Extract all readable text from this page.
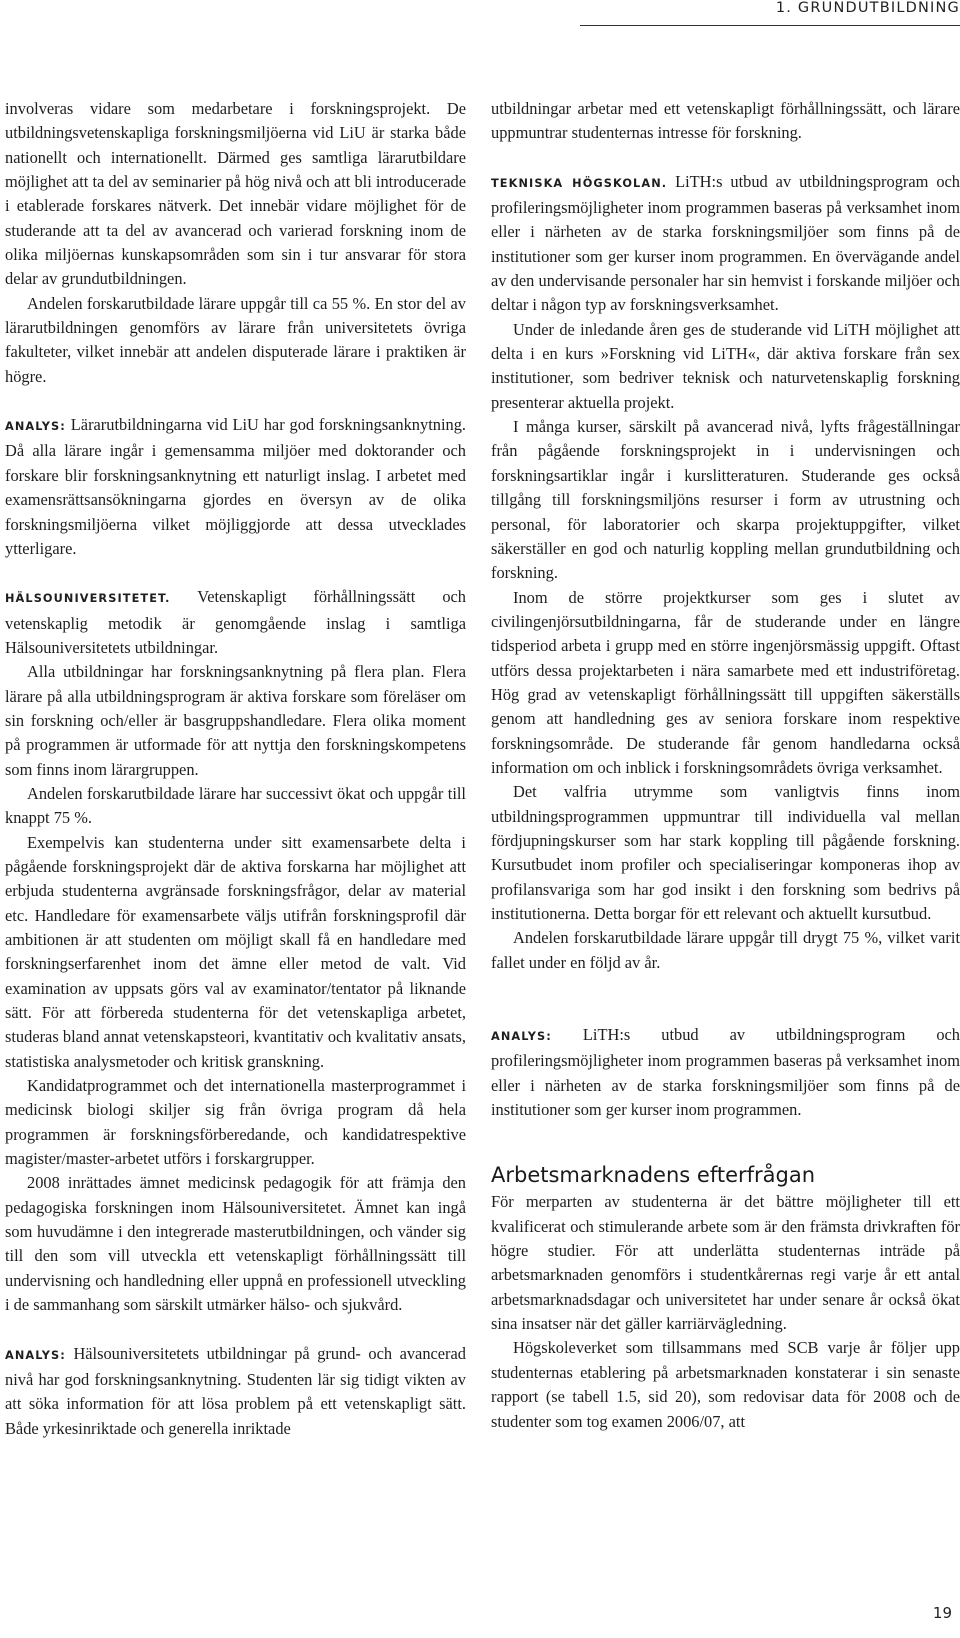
1. GRUNDUTBILDNING

involveras vidare som medarbetare i forskningsprojekt. De utbildningsvetenskapliga forskningsmiljöerna vid LiU är starka både nationellt och internationellt. Därmed ges samtliga lärarutbildare möjlighet att ta del av seminarier på hög nivå och att bli introducerade i etablerade forskares nätverk. Det innebär vidare möjlighet för de studerande att ta del av avancerad och varierad forskning inom de olika miljöernas kunskapsområden som sin i tur ansvarar för stora delar av grundutbildningen.

Andelen forskarutbildade lärare uppgår till ca 55 %. En stor del av lärarutbildningen genomförs av lärare från universitetets övriga fakulteter, vilket innebär att andelen disputerade lärare i praktiken är högre.

ANALYS: Lärarutbildningarna vid LiU har god forskningsanknytning. Då alla lärare ingår i gemensamma miljöer med doktorander och forskare blir forskningsanknytning ett naturligt inslag. I arbetet med examensrättsansökningarna gjordes en översyn av de olika forskningsmiljöerna vilket möjliggjorde att dessa utvecklades ytterligare.

HÄLSOUNIVERSITETET. Vetenskapligt förhållningssätt och vetenskaplig metodik är genomgående inslag i samtliga Hälsouniversitetets utbildningar.

Alla utbildningar har forskningsanknytning på flera plan. Flera lärare på alla utbildningsprogram är aktiva forskare som föreläser om sin forskning och/eller är basgruppshandledare. Flera olika moment på programmen är utformade för att nyttja den forskningskompetens som finns inom lärargruppen.

Andelen forskarutbildade lärare har successivt ökat och uppgår till knappt 75 %.

Exempelvis kan studenterna under sitt examensarbete delta i pågående forskningsprojekt där de aktiva forskarna har möjlighet att erbjuda studenterna avgränsade forskningsfrågor, delar av material etc. Handledare för examensarbete väljs utifrån forskningsprofil där ambitionen är att studenten om möjligt skall få en handledare med forskningserfarenhet inom det ämne eller metod de valt. Vid examination av uppsats görs val av examinator/tentator på liknande sätt. För att förbereda studenterna för det vetenskapliga arbetet, studeras bland annat vetenskapsteori, kvantitativ och kvalitativ ansats, statistiska analysmetoder och kritisk granskning.

Kandidatprogrammet och det internationella masterprogrammet i medicinsk biologi skiljer sig från övriga program då hela programmen är forskningsförberedande, och kandidatrespektive magister/master-arbetet utförs i forskargrupper.

2008 inrättades ämnet medicinsk pedagogik för att främja den pedagogiska forskningen inom Hälsouniversitetet. Ämnet kan ingå som huvudämne i den integrerade masterutbildningen, och vänder sig till den som vill utveckla ett vetenskapligt förhållningssätt till undervisning och handledning eller uppnå en professionell utveckling i de sammanhang som särskilt utmärker hälso- och sjukvård.

ANALYS: Hälsouniversitetets utbildningar på grund- och avancerad nivå har god forskningsanknytning. Studenten lär sig tidigt vikten av att söka information för att lösa problem på ett vetenskapligt sätt. Både yrkesinriktade och generella inriktade

utbildningar arbetar med ett vetenskapligt förhållningssätt, och lärare uppmuntrar studenternas intresse för forskning.

TEKNISKA HÖGSKOLAN. LiTH:s utbud av utbildningsprogram och profileringsmöjligheter inom programmen baseras på verksamhet inom eller i närheten av de starka forskningsmiljöer som finns på de institutioner som ger kurser inom programmen. En övervägande andel av den undervisande personaler har sin hemvist i forskande miljöer och deltar i någon typ av forskningsverksamhet.

Under de inledande åren ges de studerande vid LiTH möjlighet att delta i en kurs »Forskning vid LiTH«, där aktiva forskare från sex institutioner, som bedriver teknisk och naturvetenskaplig forskning presenterar aktuella projekt.

I många kurser, särskilt på avancerad nivå, lyfts frågeställningar från pågående forskningsprojekt in i undervisningen och forskningsartiklar ingår i kurslitteraturen. Studerande ges också tillgång till forskningsmiljöns resurser i form av utrustning och personal, för laboratorier och skarpa projektuppgifter, vilket säkerställer en god och naturlig koppling mellan grundutbildning och forskning.

Inom de större projektkurser som ges i slutet av civilingenjörsutbildningarna, får de studerande under en längre tidsperiod arbeta i grupp med en större ingenjörsmässig uppgift. Oftast utförs dessa projektarbeten i nära samarbete med ett industriföretag. Hög grad av vetenskapligt förhållningssätt till uppgiften säkerställs genom att handledning ges av seniora forskare inom respektive forskningsområde. De studerande får genom handledarna också information om och inblick i forskningsområdets övriga verksamhet.

Det valfria utrymme som vanligtvis finns inom utbildningsprogrammen uppmuntrar till individuella val mellan fördjupningskurser som har stark koppling till pågående forskning. Kursutbudet inom profiler och specialiseringar komponeras ihop av profilansvariga som har god insikt i den forskning som bedrivs på institutionerna. Detta borgar för ett relevant och aktuellt kursutbud.

Andelen forskarutbildade lärare uppgår till drygt 75 %, vilket varit fallet under en följd av år.

ANALYS: LiTH:s utbud av utbildningsprogram och profileringsmöjligheter inom programmen baseras på verksamhet inom eller i närheten av de starka forskningsmiljöer som finns på de institutioner som ger kurser inom programmen.

Arbetsmarknadens efterfrågan

För merparten av studenterna är det bättre möjligheter till ett kvalificerat och stimulerande arbete som är den främsta drivkraften för högre studier. För att underlätta studenternas inträde på arbetsmarknaden genomförs i studentkårernas regi varje år ett antal arbetsmarknadsdagar och universitetet har under senare år också ökat sina insatser när det gäller karriärvägledning.

Högskoleverket som tillsammans med SCB varje år följer upp studenternas etablering på arbetsmarknaden konstaterar i sin senaste rapport (se tabell 1.5, sid 20), som redovisar data för 2008 och de studenter som tog examen 2006/07, att

19
